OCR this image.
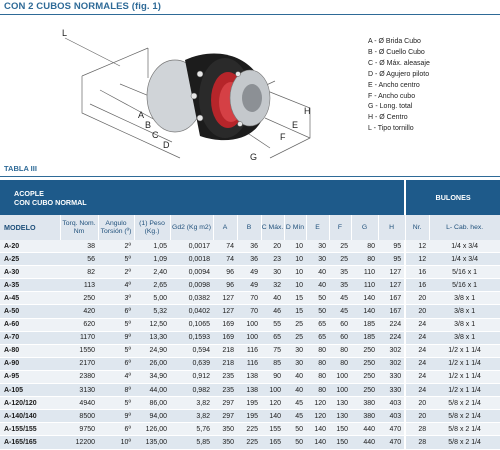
CON 2 CUBOS NORMALES (fig. 1)
L
A
B
C
D
E
F
G
H
A - Ø Brida Cubo
B - Ø Cuello Cubo
C - Ø Máx. aleasaje
D - Ø Agujero piloto
E - Ancho centro
F - Ancho cubo
G - Long. total
H - Ø Centro
L - Tipo tornillo
TABLA III
ACOPLE
CON CUBO NORMAL													BULONES	
MODELO	Torq. Nom. Nm	Angulo Torsión (º)	(1) Peso (Kg.)	Gd2 (Kg m2)	A	B	C Máx.	D Mín	E	F	G	H	Nr.	L- Cab. hex.
A-20	38	2º	1,05	0,0017	74	36	20	10	30	25	80	95	12	1/4 x 3/4
A-25	56	5º	1,09	0,0018	74	36	23	10	30	25	80	95	12	1/4 x 3/4
A-30	82	2º	2,40	0,0094	96	49	30	10	40	35	110	127	16	5/16 x 1
A-35	113	4º	2,65	0,0098	96	49	32	10	40	35	110	127	16	5/16 x 1
A-45	250	3º	5,00	0,0382	127	70	40	15	50	45	140	167	20	3/8 x 1
A-50	420	6º	5,32	0,0402	127	70	46	15	50	45	140	167	20	3/8 x 1
A-60	620	5º	12,50	0,1065	169	100	55	25	65	60	185	224	24	3/8 x 1
A-70	1170	9º	13,30	0,1593	169	100	65	25	65	60	185	224	24	3/8 x 1
A-80	1550	5º	24,90	0,594	218	116	75	30	80	80	250	302	24	1/2 x 1 1/4
A-90	2170	6º	26,00	0,639	218	116	85	30	80	80	250	302	24	1/2 x 1 1/4
A-95	2380	4º	34,90	0,912	235	138	90	40	80	100	250	330	24	1/2 x 1 1/4
A-105	3130	8º	44,00	0,982	235	138	100	40	80	100	250	330	24	1/2 x 1 1/4
A-120/120	4940	5º	86,00	3,82	297	195	120	45	120	130	380	403	20	5/8 x 2 1/4
A-140/140	8500	9º	94,00	3,82	297	195	140	45	120	130	380	403	20	5/8 x 2 1/4
A-155/155	9750	6º	126,00	5,76	350	225	155	50	140	150	440	470	28	5/8 x 2 1/4
A-165/165	12200	10º	135,00	5,85	350	225	165	50	140	150	440	470	28	5/8 x 2 1/4
